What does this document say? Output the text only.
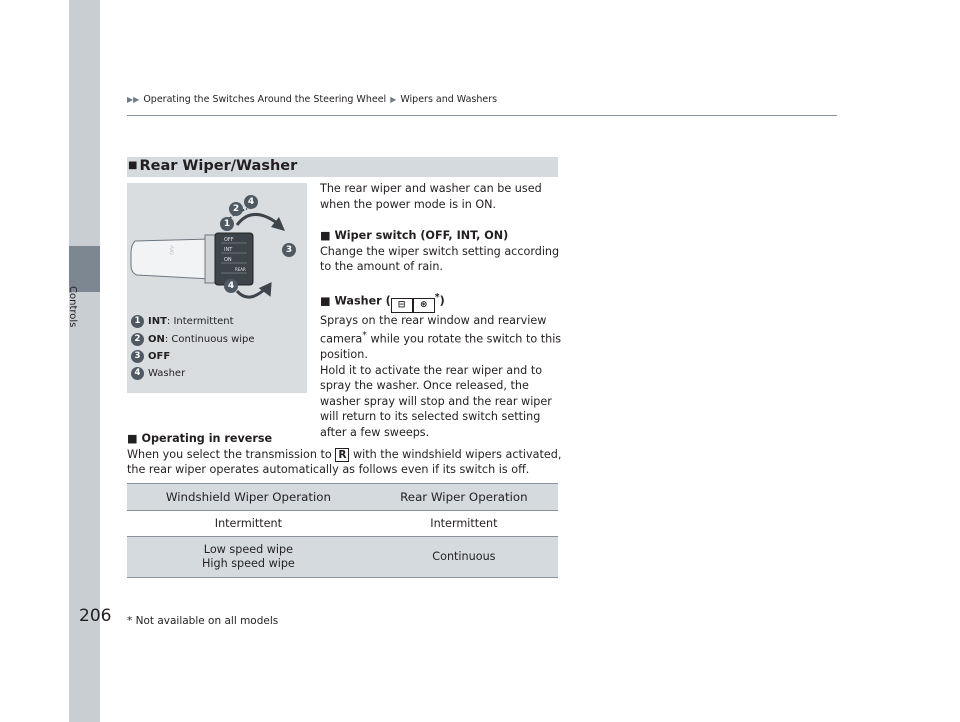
Controls
206
▶▶ Operating the Switches Around the Steering Wheel ▶ Wipers and Washers
■ Rear Wiper/Washer
OFF
INT
ON
REAR
OFF
1
2
4
3
4
1 INT: Intermittent
2 ON: Continuous wipe
3 OFF
4 Washer
The rear wiper and washer can be used when the power mode is in ON.
■ Wiper switch (OFF, INT, ON)
Change the wiper switch setting according to the amount of rain.
■ Washer ( ⊟ ⊛*)
Sprays on the rear window and rearview camera* while you rotate the switch to this position.
Hold it to activate the rear wiper and to spray the washer. Once released, the washer spray will stop and the rear wiper will return to its selected switch setting after a few sweeps.
■ Operating in reverse
When you select the transmission to R with the windshield wipers activated, the rear wiper operates automatically as follows even if its switch is off.
Windshield Wiper Operation	Rear Wiper Operation
Intermittent	Intermittent

Low speed wipe
High speed wipe	Continuous
* Not available on all models
